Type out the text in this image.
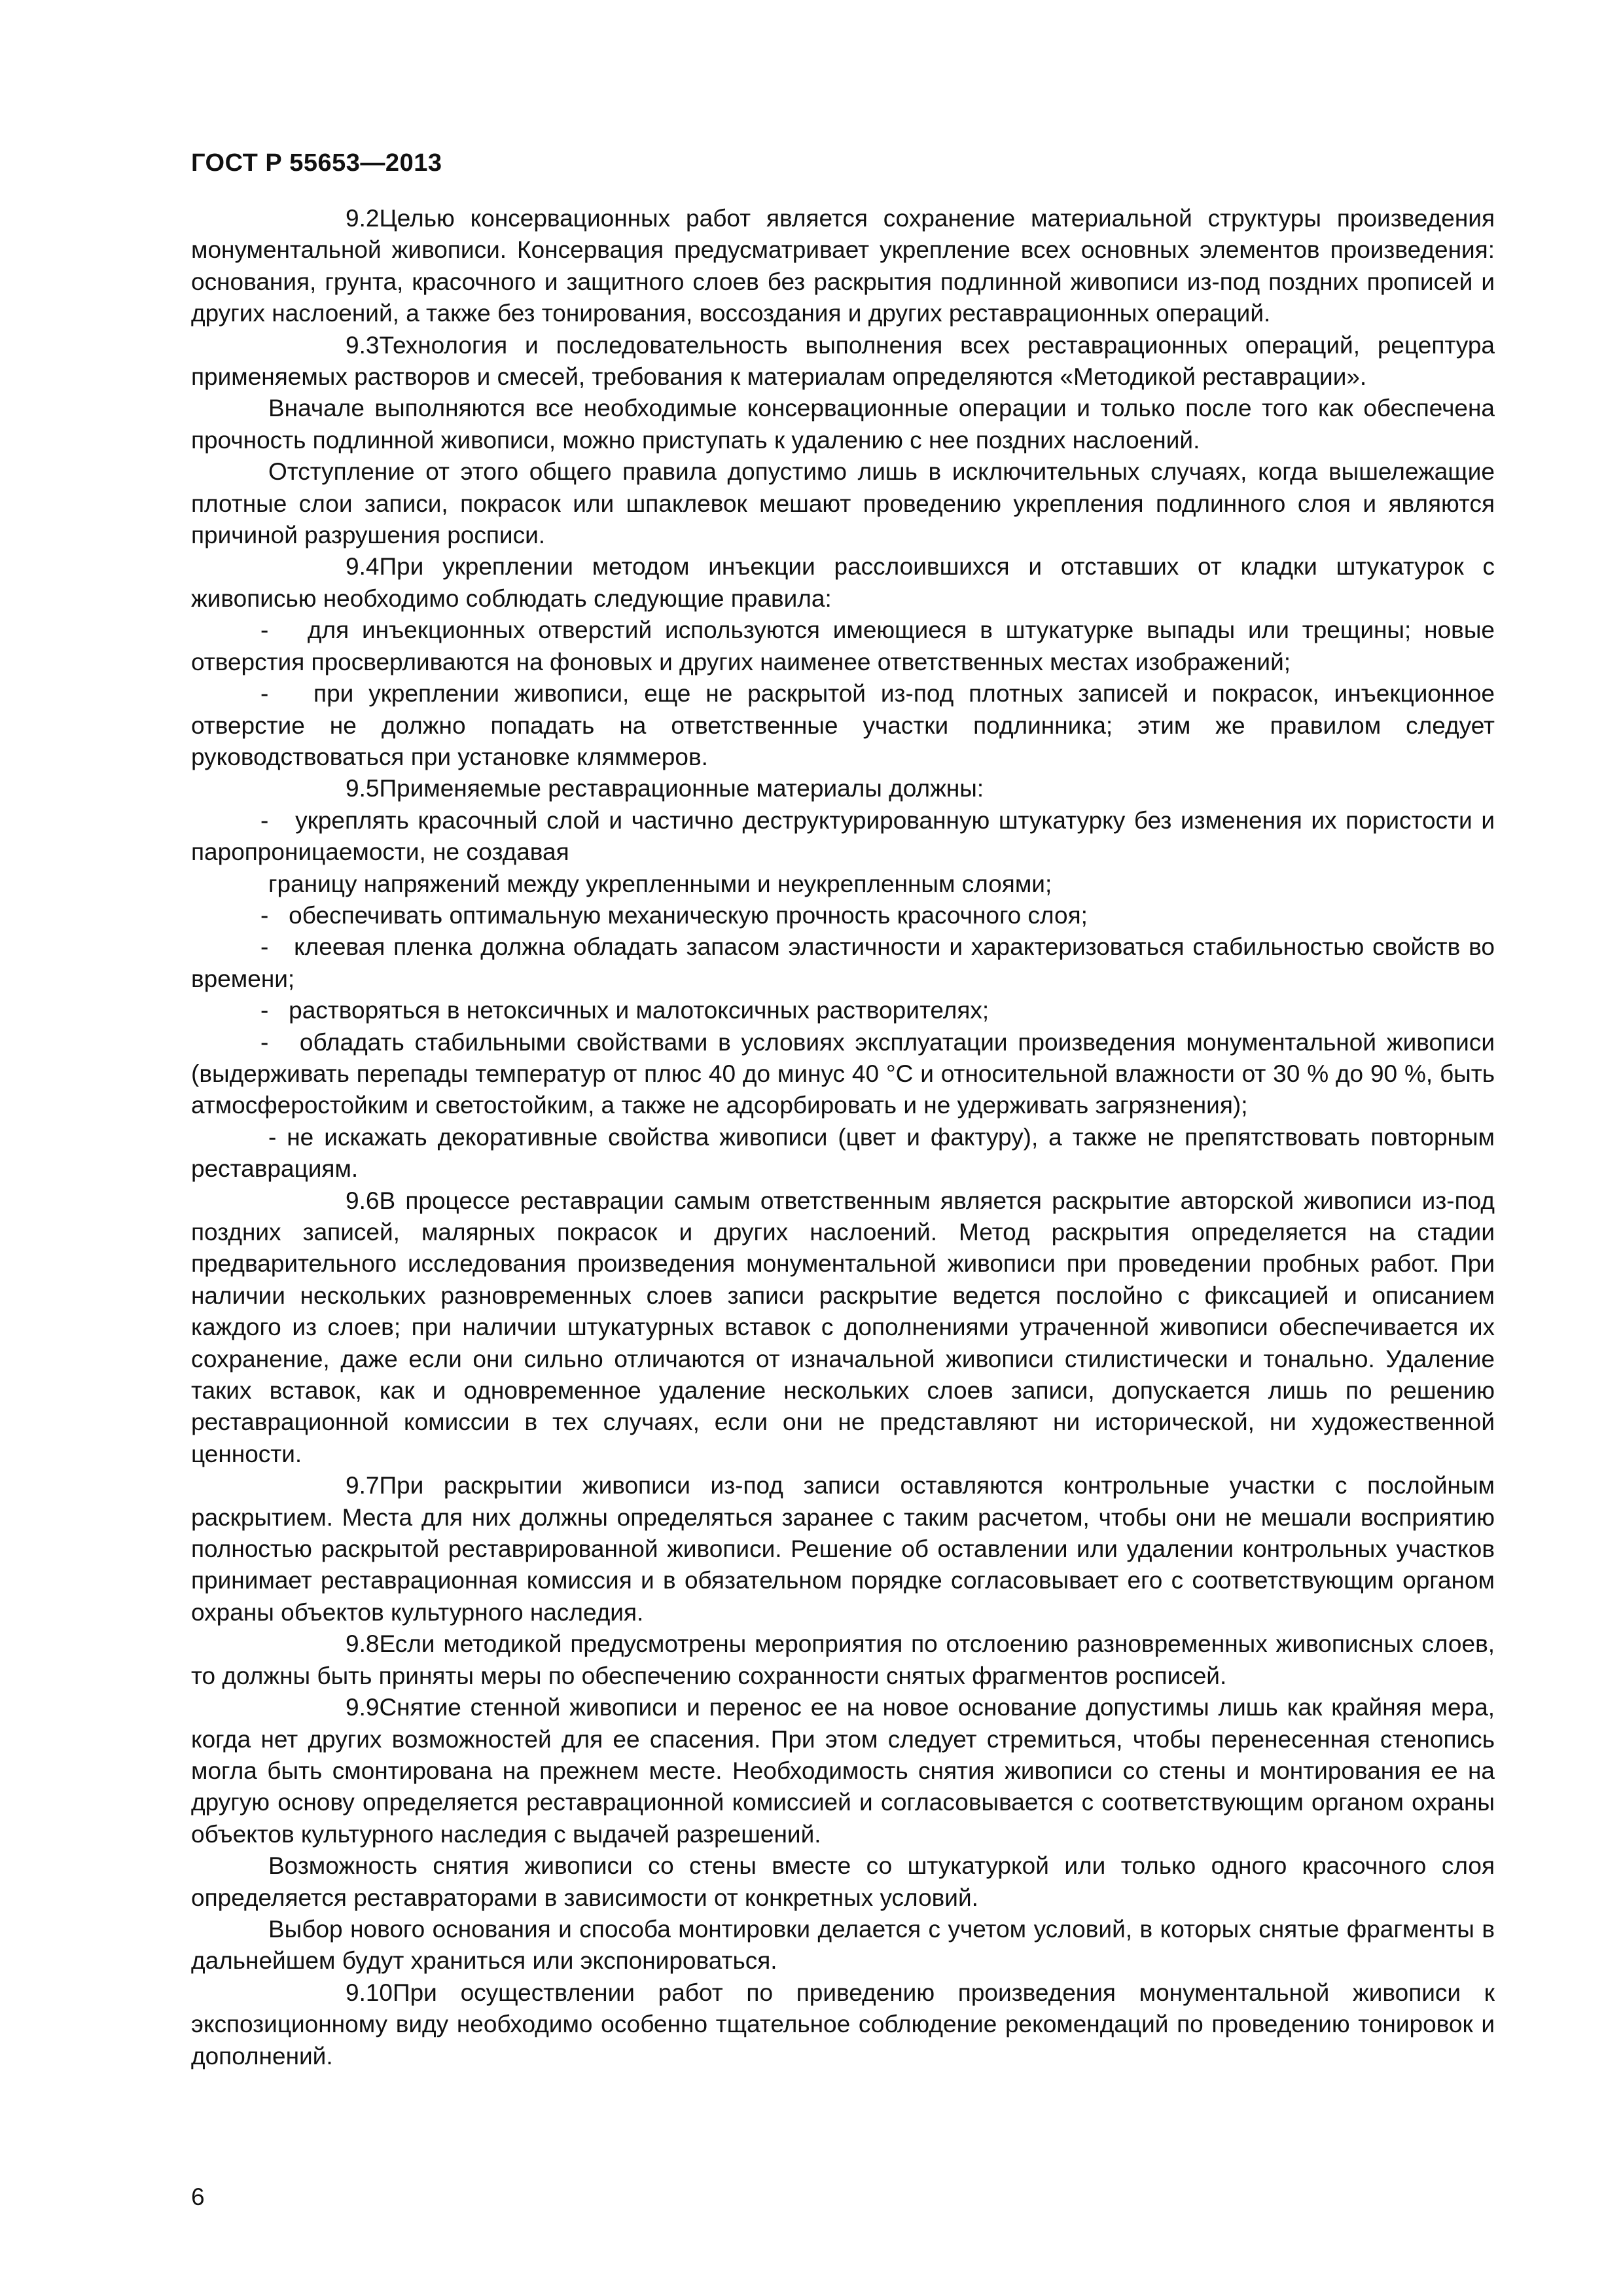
ГОСТ Р 55653—2013

9.2Целью консервационных работ является сохранение материальной структуры произведения монументальной живописи. Консервация предусматривает укрепление всех основных элементов произведения: основания, грунта, красочного и защитного слоев без раскрытия подлинной живописи из-под поздних прописей и других наслоений, а также без тонирования, воссоздания и других реставрационных операций.

9.3Технология и последовательность выполнения всех реставрационных операций, рецептура применяемых растворов и смесей, требования к материалам определяются «Методикой реставрации».

Вначале выполняются все необходимые консервационные операции и только после того как обеспечена прочность подлинной живописи, можно приступать к удалению с нее поздних наслоений.

Отступление от этого общего правила допустимо лишь в исключительных случаях, когда вышележащие плотные слои записи, покрасок или шпаклевок мешают проведению укрепления подлинного слоя и являются причиной разрушения росписи.

9.4При укреплении методом инъекции расслоившихся и отставших от кладки штукатурок с живописью необходимо соблюдать следующие правила:

- для инъекционных отверстий используются имеющиеся в штукатурке выпады или трещины; новые отверстия просверливаются на фоновых и других наименее ответственных местах изображений;

- при укреплении живописи, еще не раскрытой из-под плотных записей и покрасок, инъекционное отверстие не должно попадать на ответственные участки подлинника; этим же правилом следует руководствоваться при установке кляммеров.

9.5Применяемые реставрационные материалы должны:

- укреплять красочный слой и частично деструктурированную штукатурку без изменения их пористости и паропроницаемости, не создавая

границу напряжений между укрепленными и неукрепленным слоями;

- обеспечивать оптимальную механическую прочность красочного слоя;

- клеевая пленка должна обладать запасом эластичности и характеризоваться стабильностью свойств во времени;

- растворяться в нетоксичных и малотоксичных растворителях;

- обладать стабильными свойствами в условиях эксплуатации произведения монументальной живописи (выдерживать перепады температур от плюс 40 до минус 40 °С и относительной влажности от 30 % до 90 %, быть атмосферостойким и светостойким, а также не адсорбировать и не удерживать загрязнения);

- не искажать декоративные свойства живописи (цвет и фактуру), а также не препятствовать повторным реставрациям.

9.6В процессе реставрации самым ответственным является раскрытие авторской живописи из-под поздних записей, малярных покрасок и других наслоений. Метод раскрытия определяется на стадии предварительного исследования произведения монументальной живописи при проведении пробных работ. При наличии нескольких разновременных слоев записи раскрытие ведется послойно с фиксацией и описанием каждого из слоев; при наличии штукатурных вставок с дополнениями утраченной живописи обеспечивается их сохранение, даже если они сильно отличаются от изначальной живописи стилистически и тонально. Удаление таких вставок, как и одновременное удаление нескольких слоев записи, допускается лишь по решению реставрационной комиссии в тех случаях, если они не представляют ни исторической, ни художественной ценности.

9.7При раскрытии живописи из-под записи оставляются контрольные участки с послойным раскрытием. Места для них должны определяться заранее с таким расчетом, чтобы они не мешали восприятию полностью раскрытой реставрированной живописи. Решение об оставлении или удалении контрольных участков принимает реставрационная комиссия и в обязательном порядке согласовывает его с соответствующим органом охраны объектов культурного наследия.

9.8Если методикой предусмотрены мероприятия по отслоению разновременных живописных слоев, то должны быть приняты меры по обеспечению сохранности снятых фрагментов росписей.

9.9Снятие стенной живописи и перенос ее на новое основание допустимы лишь как крайняя мера, когда нет других возможностей для ее спасения. При этом следует стремиться, чтобы перенесенная стенопись могла быть смонтирована на прежнем месте. Необходимость снятия живописи со стены и монтирования ее на другую основу определяется реставрационной комиссией и согласовывается с соответствующим органом охраны объектов культурного наследия с выдачей разрешений.

Возможность снятия живописи со стены вместе со штукатуркой или только одного красочного слоя определяется реставраторами в зависимости от конкретных условий.

Выбор нового основания и способа монтировки делается с учетом условий, в которых снятые фрагменты в дальнейшем будут храниться или экспонироваться.

9.10При осуществлении работ по приведению произведения монументальной живописи к экспозиционному виду необходимо особенно тщательное соблюдение рекомендаций по проведению тонировок и дополнений.

6
